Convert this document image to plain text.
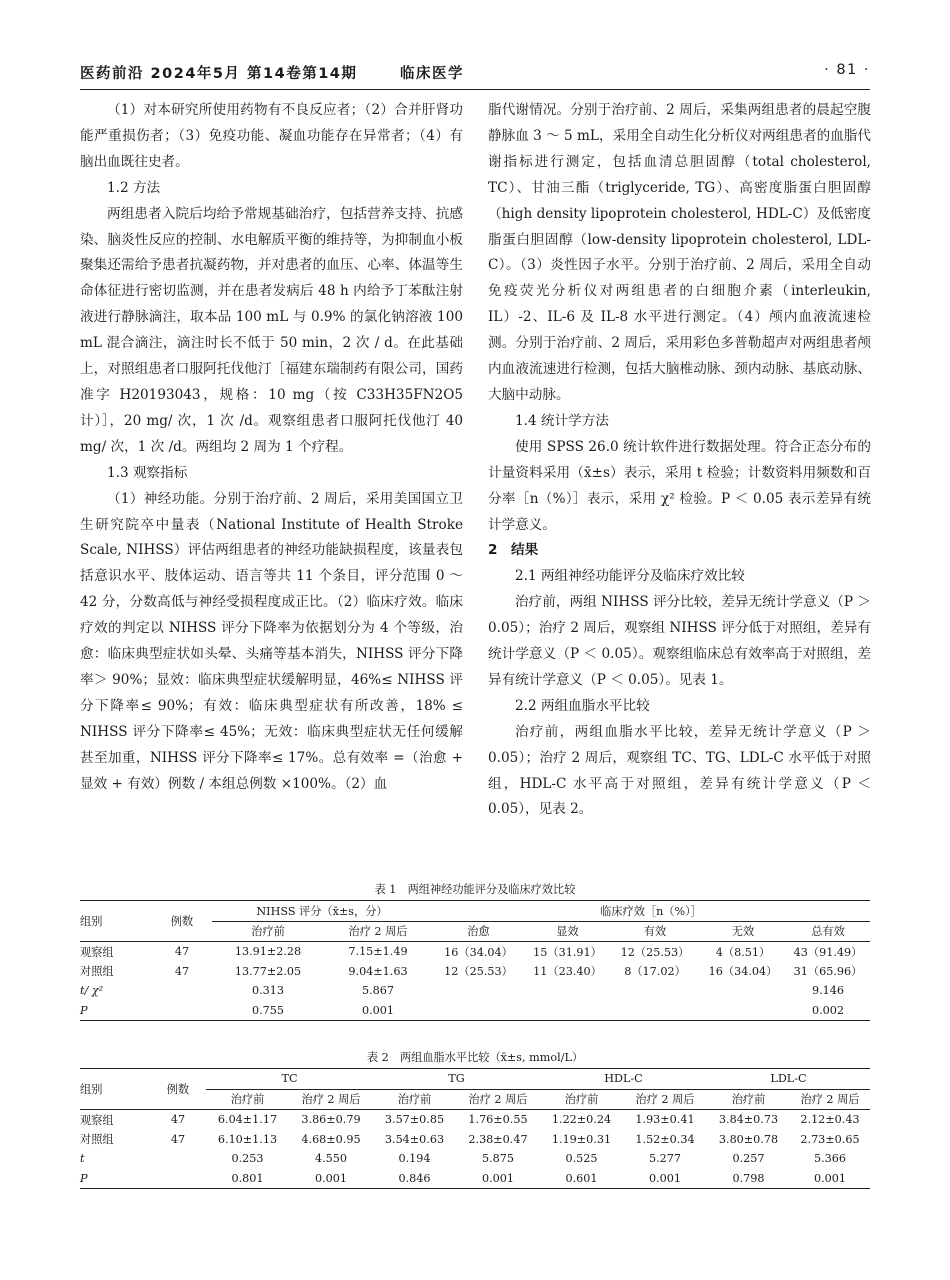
医药前沿 2024年5月 第14卷第14期	临床医学	· 81 ·

（1）对本研究所使用药物有不良反应者；（2）合并肝肾功能严重损伤者；（3）免疫功能、凝血功能存在异常者；（4）有脑出血既往史者。

1.2 方法

两组患者入院后均给予常规基础治疗，包括营养支持、抗感染、脑炎性反应的控制、水电解质平衡的维持等，为抑制血小板聚集还需给予患者抗凝药物，并对患者的血压、心率、体温等生命体征进行密切监测，并在患者发病后 48 h 内给予丁苯酞注射液进行静脉滴注，取本品 100 mL 与 0.9% 的氯化钠溶液 100 mL 混合滴注，滴注时长不低于 50 min，2 次 / d。在此基础上，对照组患者口服阿托伐他汀［福建东瑞制药有限公司，国药准字 H20193043，规格：10 mg（按 C33H35FN2O5 计）］，20 mg/ 次，1 次 /d。观察组患者口服阿托伐他汀 40 mg/ 次，1 次 /d。两组均 2 周为 1 个疗程。

1.3 观察指标

（1）神经功能。分别于治疗前、2 周后，采用美国国立卫生研究院卒中量表（National Institute of Health Stroke Scale, NIHSS）评估两组患者的神经功能缺损程度，该量表包括意识水平、肢体运动、语言等共 11 个条目，评分范围 0 ～ 42 分，分数高低与神经受损程度成正比。（2）临床疗效。临床疗效的判定以 NIHSS 评分下降率为依据划分为 4 个等级，治愈：临床典型症状如头晕、头痛等基本消失，NIHSS 评分下降率＞ 90%；显效：临床典型症状缓解明显，46%≤ NIHSS 评分下降率≤ 90%；有效：临床典型症状有所改善，18% ≤ NIHSS 评分下降率≤ 45%；无效：临床典型症状无任何缓解甚至加重，NIHSS 评分下降率≤ 17%。总有效率 =（治愈 + 显效 + 有效）例数 / 本组总例数 ×100%。（2）血

脂代谢情况。分别于治疗前、2 周后，采集两组患者的晨起空腹静脉血 3 ～ 5 mL，采用全自动生化分析仪对两组患者的血脂代谢指标进行测定，包括血清总胆固醇（total cholesterol, TC）、甘油三酯（triglyceride, TG）、高密度脂蛋白胆固醇（high density lipoprotein cholesterol, HDL-C）及低密度脂蛋白胆固醇（low-density lipoprotein cholesterol, LDL-C）。（3）炎性因子水平。分别于治疗前、2 周后，采用全自动免疫荧光分析仪对两组患者的白细胞介素（interleukin, IL）-2、IL-6 及 IL-8 水平进行测定。（4）颅内血液流速检测。分别于治疗前、2 周后，采用彩色多普勒超声对两组患者颅内血液流速进行检测，包括大脑椎动脉、颈内动脉、基底动脉、大脑中动脉。

1.4 统计学方法

使用 SPSS 26.0 统计软件进行数据处理。符合正态分布的计量资料采用（x̄±s）表示，采用 t 检验；计数资料用频数和百分率［n（%）］表示，采用 χ² 检验。P ＜ 0.05 表示差异有统计学意义。

2　结果

2.1 两组神经功能评分及临床疗效比较

治疗前，两组 NIHSS 评分比较，差异无统计学意义（P ＞ 0.05）；治疗 2 周后，观察组 NIHSS 评分低于对照组，差异有统计学意义（P ＜ 0.05）。观察组临床总有效率高于对照组，差异有统计学意义（P ＜ 0.05）。见表 1。

2.2 两组血脂水平比较

治疗前，两组血脂水平比较，差异无统计学意义（P ＞ 0.05）；治疗 2 周后，观察组 TC、TG、LDL-C 水平低于对照组，HDL-C 水平高于对照组，差异有统计学意义（P ＜ 0.05），见表 2。

表 1　两组神经功能评分及临床疗效比较
组别	例数	NIHSS 评分（x̄±s，分）		临床疗效［n（%）］				
		治疗前	治疗 2 周后	治愈	显效	有效	无效	总有效
观察组	47	13.91±2.28	7.15±1.49	16（34.04）	15（31.91）	12（25.53）	4（8.51）	43（91.49）
对照组	47	13.77±2.05	9.04±1.63	12（25.53）	11（23.40）	8（17.02）	16（34.04）	31（65.96）
t/ χ²		0.313	5.867					9.146
P		0.755	0.001					0.002
表 2　两组血脂水平比较（x̄±s, mmol/L）
组别	例数	TC		TG		HDL-C		LDL-C	
		治疗前	治疗 2 周后	治疗前	治疗 2 周后	治疗前	治疗 2 周后	治疗前	治疗 2 周后
观察组	47	6.04±1.17	3.86±0.79	3.57±0.85	1.76±0.55	1.22±0.24	1.93±0.41	3.84±0.73	2.12±0.43
对照组	47	6.10±1.13	4.68±0.95	3.54±0.63	2.38±0.47	1.19±0.31	1.52±0.34	3.80±0.78	2.73±0.65
t		0.253	4.550	0.194	5.875	0.525	5.277	0.257	5.366
P		0.801	0.001	0.846	0.001	0.601	0.001	0.798	0.001
